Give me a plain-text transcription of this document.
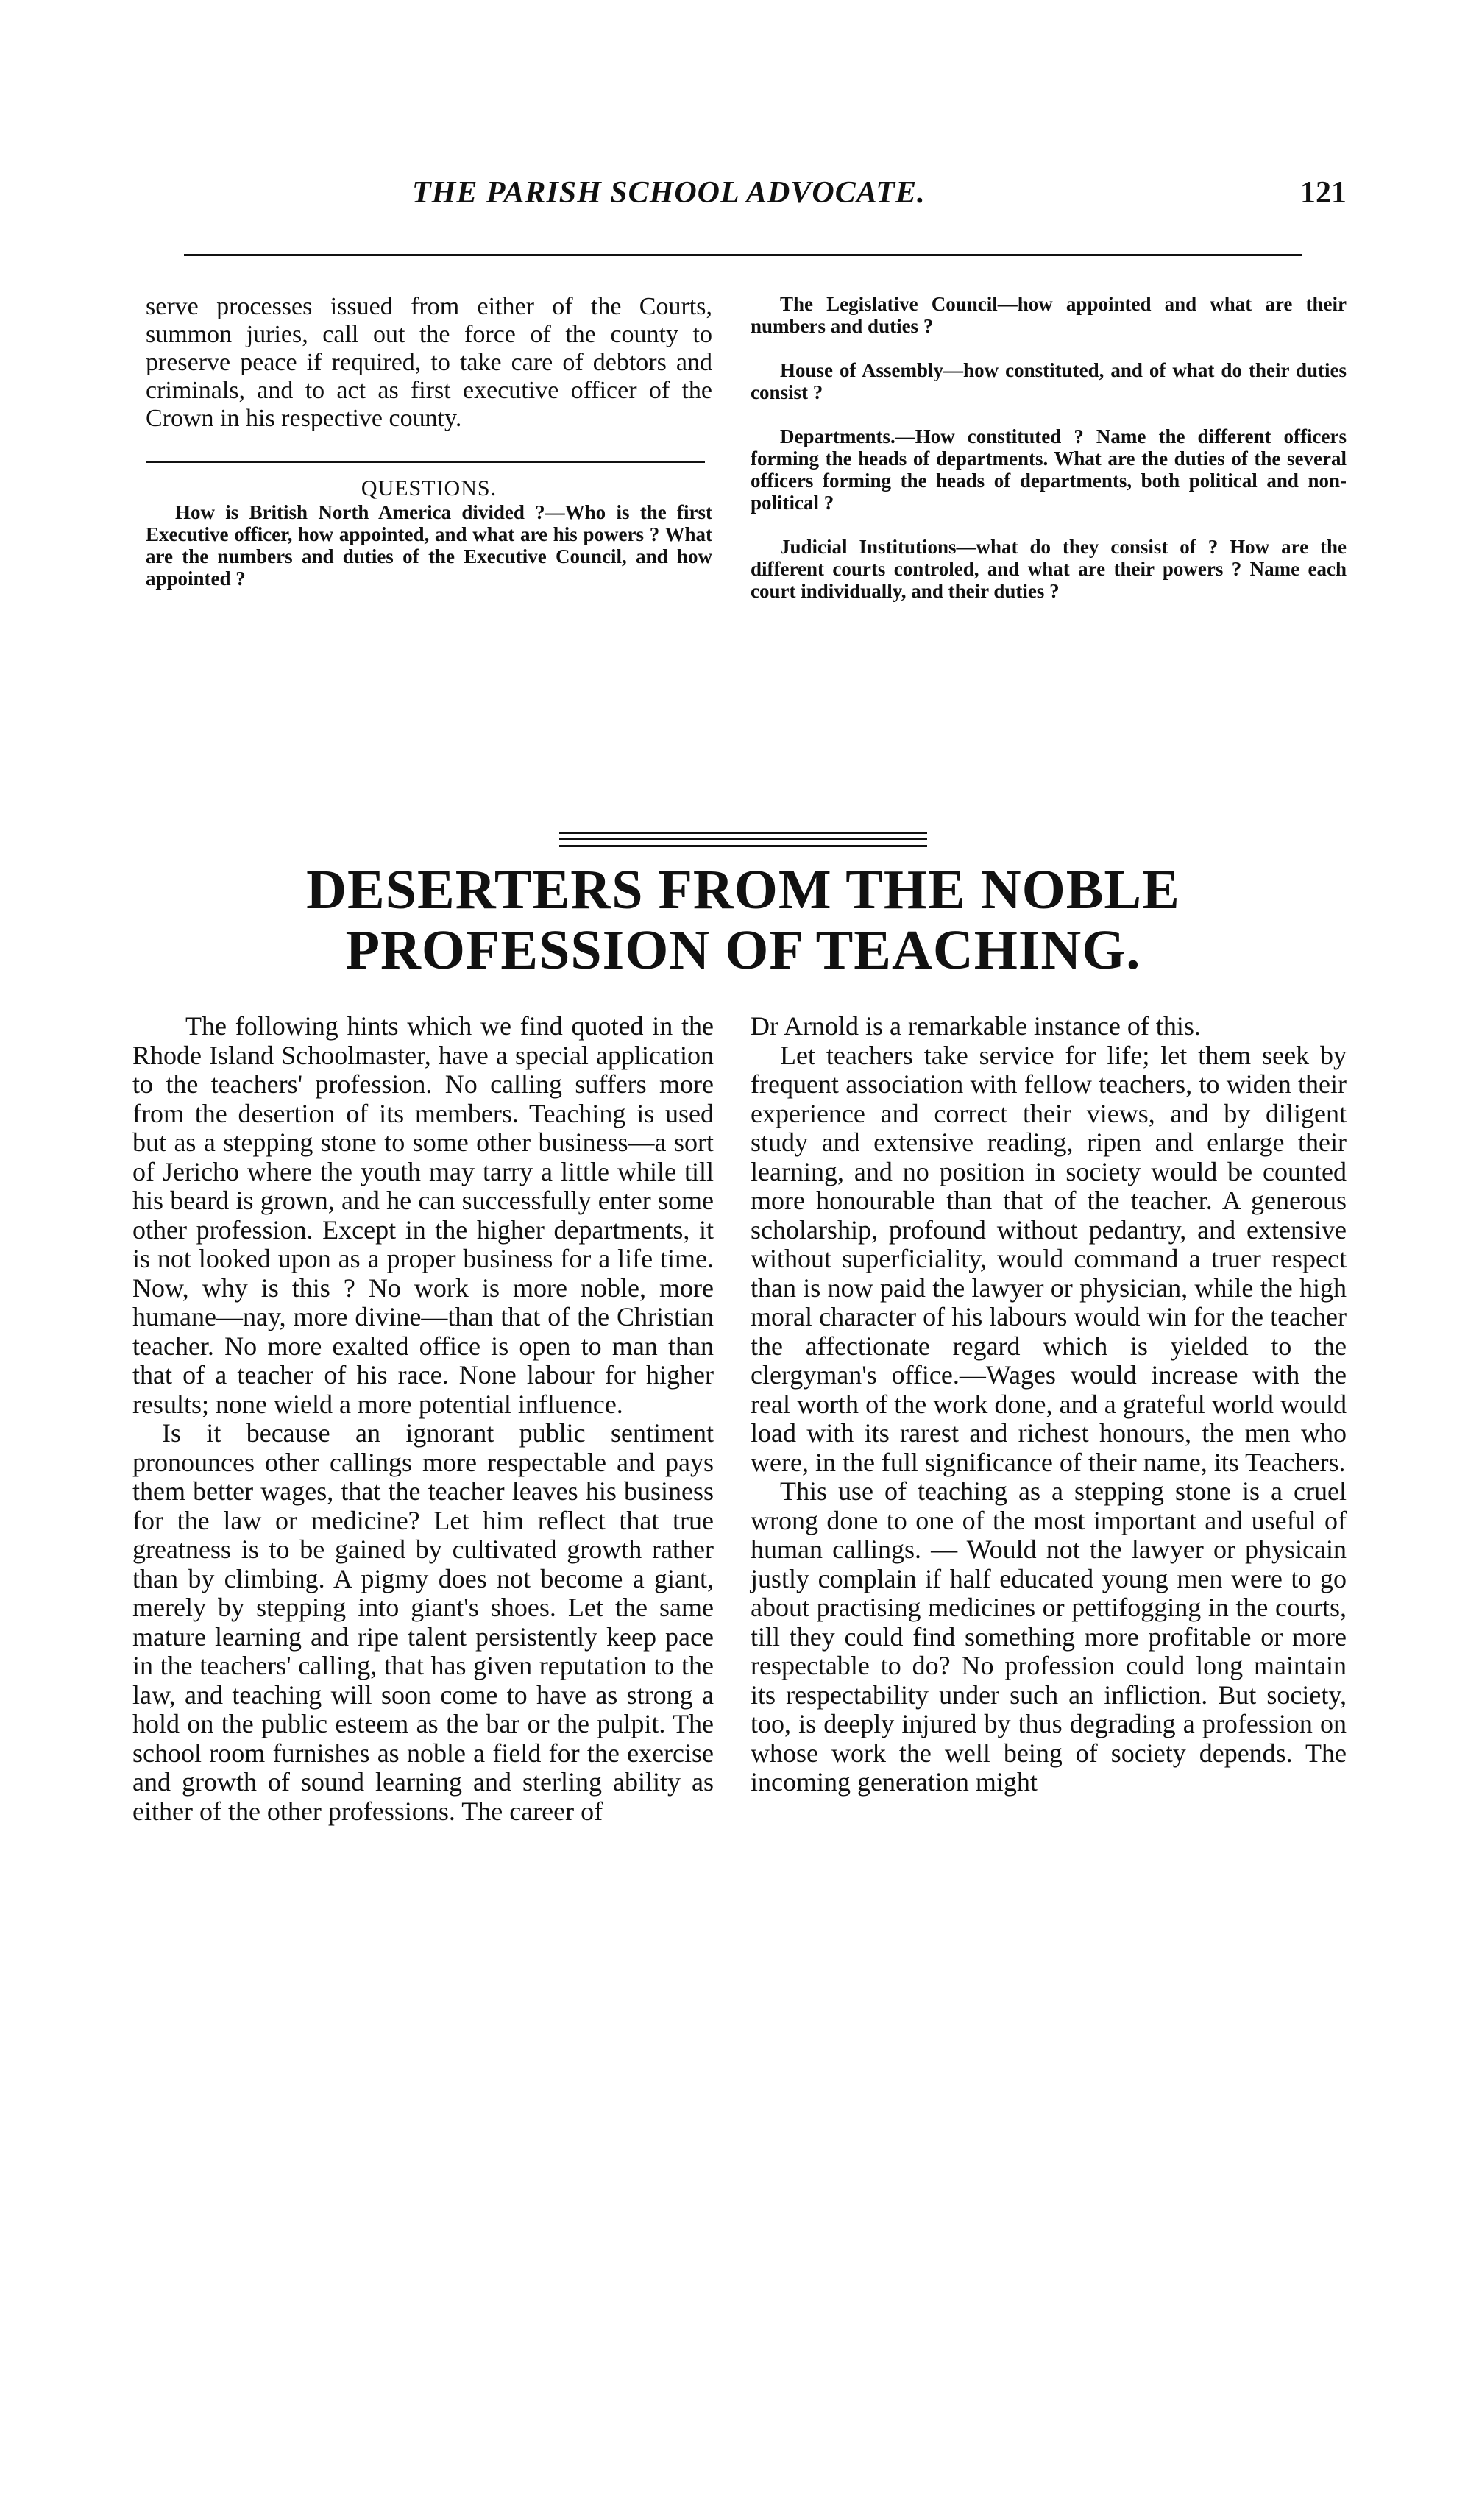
THE PARISH SCHOOL ADVOCATE.	121

serve processes issued from either of the Courts, summon juries, call out the force of the county to preserve peace if required, to take care of debtors and criminals, and to act as first executive officer of the Crown in his respective county.

QUESTIONS.

How is British North America divided ?—Who is the first Executive officer, how appointed, and what are his powers ? What are the numbers and duties of the Executive Council, and how appointed ?

The Legislative Council—how appointed and what are their numbers and duties ?

House of Assembly—how constituted, and of what do their duties consist ?

Departments.—How constituted ? Name the different officers forming the heads of departments. What are the duties of the several officers forming the heads of departments, both political and non-political ?

Judicial Institutions—what do they consist of ? How are the different courts controled, and what are their powers ? Name each court individually, and their duties ?

DESERTERS FROM THE NOBLE PROFESSION OF TEACHING.

The following hints which we find quoted in the Rhode Island Schoolmaster, have a special application to the teachers' profession. No calling suffers more from the desertion of its members. Teaching is used but as a stepping stone to some other business—a sort of Jericho where the youth may tarry a little while till his beard is grown, and he can successfully enter some other profession. Except in the higher departments, it is not looked upon as a proper business for a life time. Now, why is this ? No work is more noble, more humane—nay, more divine—than that of the Christian teacher. No more exalted office is open to man than that of a teacher of his race. None labour for higher results; none wield a more potential influence.

Is it because an ignorant public sentiment pronounces other callings more respectable and pays them better wages, that the teacher leaves his business for the law or medicine? Let him reflect that true greatness is to be gained by cultivated growth rather than by climbing. A pigmy does not become a giant, merely by stepping into giant's shoes. Let the same mature learning and ripe talent persistently keep pace in the teachers' calling, that has given reputation to the law, and teaching will soon come to have as strong a hold on the public esteem as the bar or the pulpit. The school room furnishes as noble a field for the exercise and growth of sound learning and sterling ability as either of the other professions. The career of

Dr Arnold is a remarkable instance of this.

Let teachers take service for life; let them seek by frequent association with fellow teachers, to widen their experience and correct their views, and by diligent study and extensive reading, ripen and enlarge their learning, and no position in society would be counted more honourable than that of the teacher. A generous scholarship, profound without pedantry, and extensive without superficiality, would command a truer respect than is now paid the lawyer or physician, while the high moral character of his labours would win for the teacher the affectionate regard which is yielded to the clergyman's office.—Wages would increase with the real worth of the work done, and a grateful world would load with its rarest and richest honours, the men who were, in the full significance of their name, its Teachers.

This use of teaching as a stepping stone is a cruel wrong done to one of the most important and useful of human callings. — Would not the lawyer or physicain justly complain if half educated young men were to go about practising medicines or pettifogging in the courts, till they could find something more profitable or more respectable to do? No profession could long maintain its respectability under such an infliction. But society, too, is deeply injured by thus degrading a profession on whose work the well being of society depends. The incoming generation might
